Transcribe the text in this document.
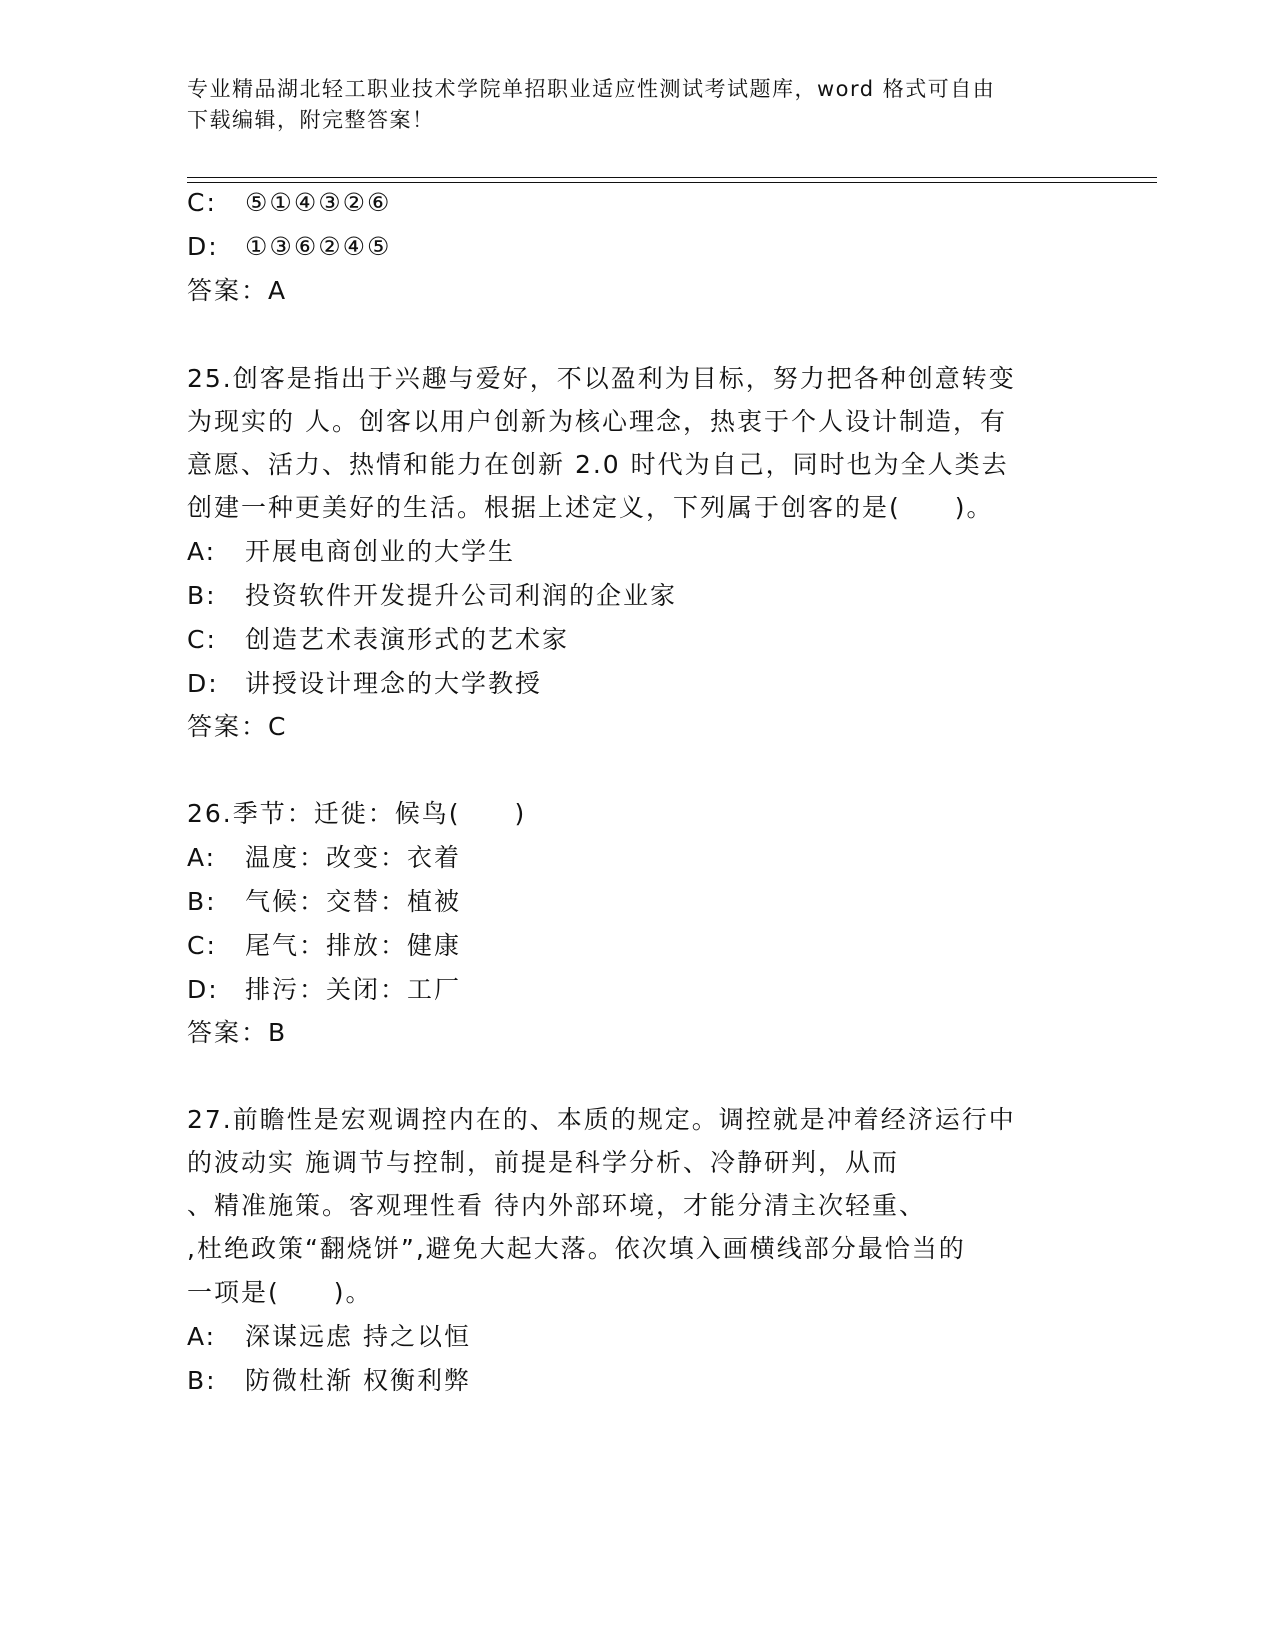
专业精品湖北轻工职业技术学院单招职业适应性测试考试题库，word 格式可自由
下载编辑，附完整答案！
C: ⑤①④③②⑥
D: ①③⑥②④⑤
答案：A
25.创客是指出于兴趣与爱好，不以盈利为目标，努力把各种创意转变
为现实的 人。创客以用户创新为核心理念，热衷于个人设计制造，有
意愿、活力、热情和能力在创新 2.0 时代为自己，同时也为全人类去
创建一种更美好的生活。根据上述定义，下列属于创客的是(　　)。
A: 开展电商创业的大学生
B: 投资软件开发提升公司利润的企业家
C: 创造艺术表演形式的艺术家
D: 讲授设计理念的大学教授
答案：C
26.季节：迁徙：候鸟(　　)
A: 温度：改变：衣着
B: 气候：交替：植被
C: 尾气：排放：健康
D: 排污：关闭：工厂
答案：B
27.前瞻性是宏观调控内在的、本质的规定。调控就是冲着经济运行中
的波动实 施调节与控制，前提是科学分析、冷静研判，从而
、精准施策。客观理性看 待内外部环境，才能分清主次轻重、
,杜绝政策“翻烧饼”,避免大起大落。依次填入画横线部分最恰当的
一项是(　　)。
A: 深谋远虑 持之以恒
B: 防微杜渐 权衡利弊
